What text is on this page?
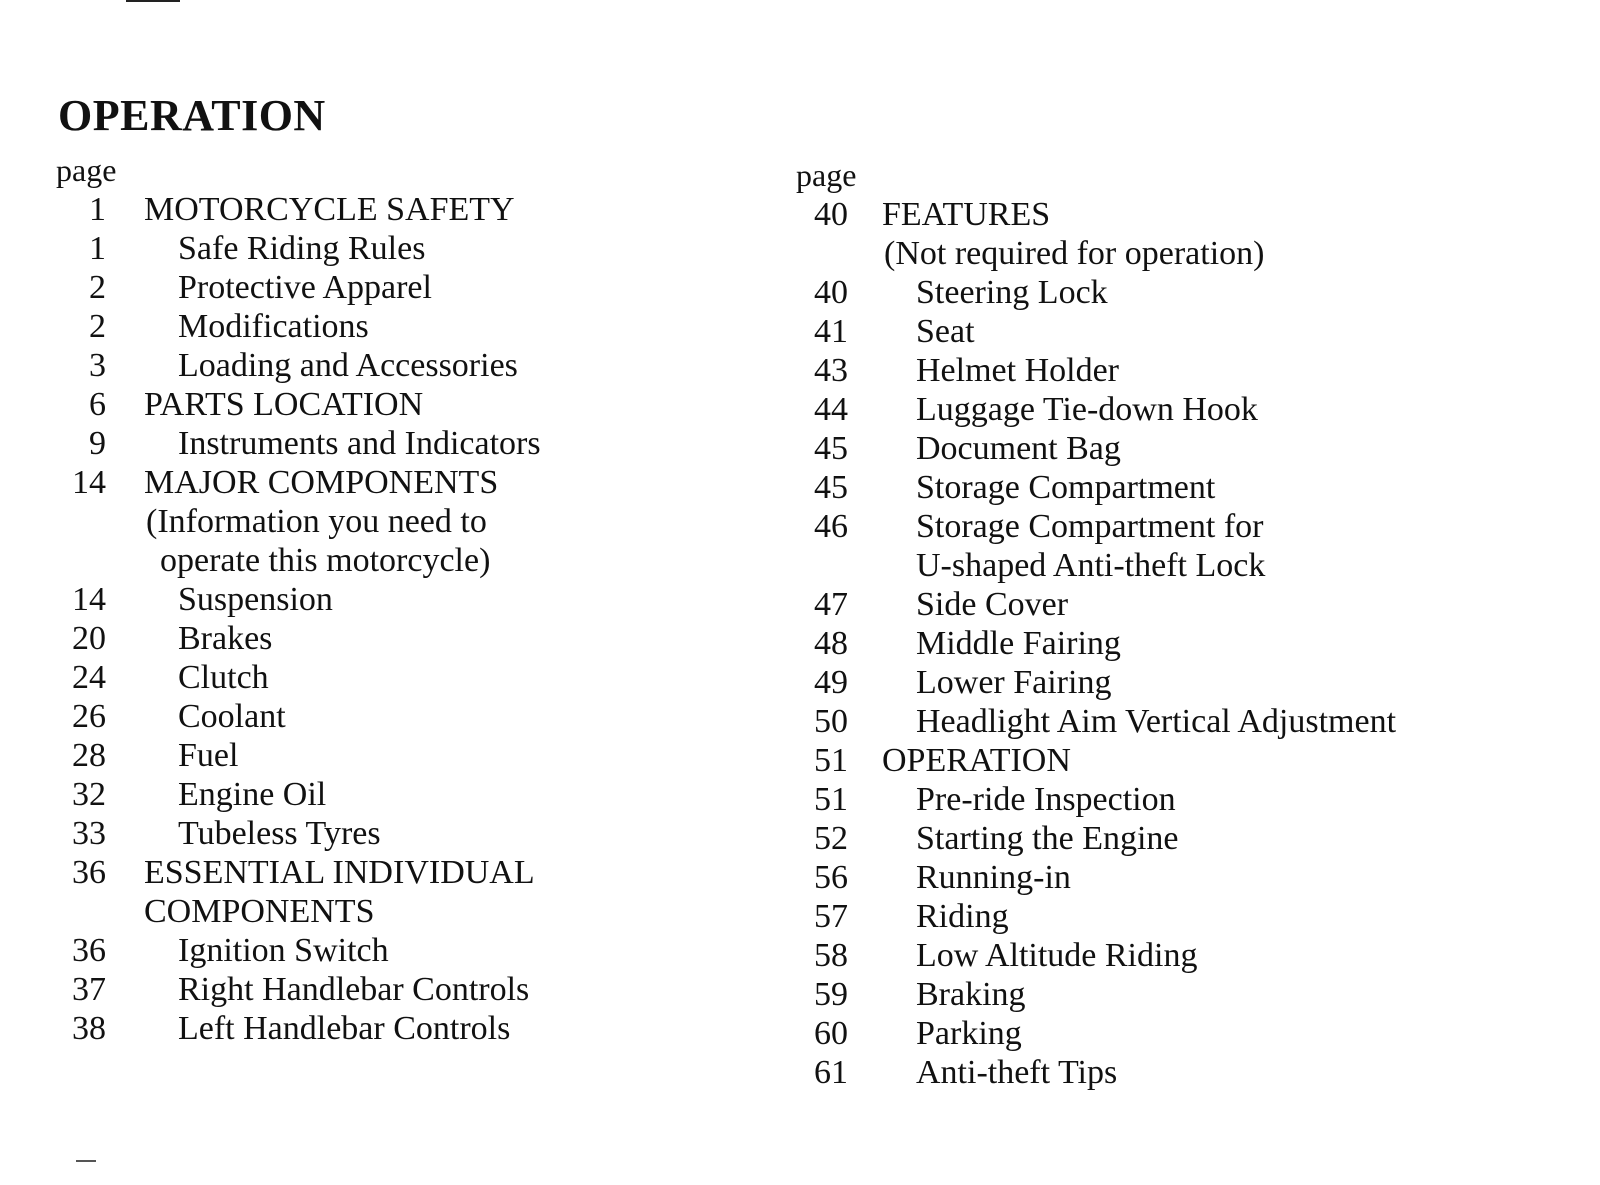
OPERATION
page
1	MOTORCYCLE SAFETY
1	Safe Riding Rules
2	Protective Apparel
2	Modifications
3	Loading and Accessories
6	PARTS LOCATION
9	Instruments and Indicators
14	MAJOR COMPONENTS
(Information you need to
operate this motorcycle)
14	Suspension
20	Brakes
24	Clutch
26	Coolant
28	Fuel
32	Engine Oil
33	Tubeless Tyres
36	ESSENTIAL INDIVIDUAL
COMPONENTS
36	Ignition Switch
37	Right Handlebar Controls
38	Left Handlebar Controls
page
40	FEATURES
(Not required for operation)
40	Steering Lock
41	Seat
43	Helmet Holder
44	Luggage Tie-down Hook
45	Document Bag
45	Storage Compartment
46	Storage Compartment for
U-shaped Anti-theft Lock
47	Side Cover
48	Middle Fairing
49	Lower Fairing
50	Headlight Aim Vertical Adjustment
51	OPERATION
51	Pre-ride Inspection
52	Starting the Engine
56	Running-in
57	Riding
58	Low Altitude Riding
59	Braking
60	Parking
61	Anti-theft Tips
